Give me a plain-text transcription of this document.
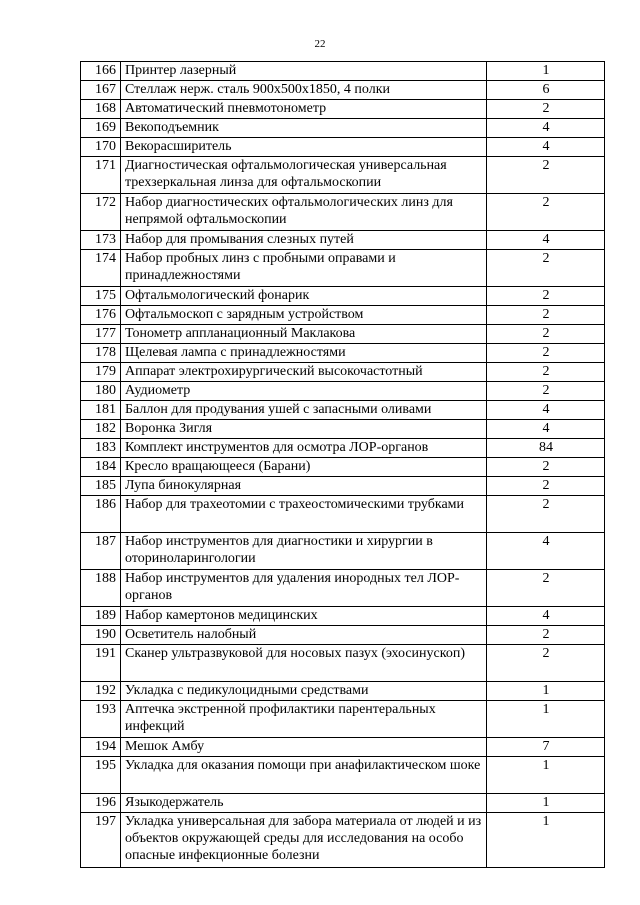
22
166	Принтер лазерный	1
167	Стеллаж нерж. сталь 900х500х1850, 4 полки	6
168	Автоматический пневмотонометр	2
169	Векоподъемник	4
170	Векорасширитель	4
171	Диагностическая офтальмологическая универсальная трехзеркальная линза для офтальмоскопии	2
172	Набор диагностических офтальмологических линз для непрямой офтальмоскопии	2
173	Набор для промывания слезных путей	4
174	Набор пробных линз с пробными оправами и принадлежностями	2
175	Офтальмологический фонарик	2
176	Офтальмоскоп с зарядным устройством	2
177	Тонометр аппланационный Маклакова	2
178	Щелевая лампа с принадлежностями	2
179	Аппарат электрохирургический высокочастотный	2
180	Аудиометр	2
181	Баллон для продувания ушей с запасными оливами	4
182	Воронка Зигля	4
183	Комплект инструментов для осмотра ЛОР-органов	84
184	Кресло вращающееся (Барани)	2
185	Лупа бинокулярная	2
186	Набор для трахеотомии с трахеостомическими трубками	2
187	Набор инструментов для диагностики и хирургии в оториноларингологии	4
188	Набор инструментов для удаления инородных тел ЛОР-органов	2
189	Набор камертонов медицинских	4
190	Осветитель налобный	2
191	Сканер ультразвуковой для носовых пазух (эхосинускоп)	2
192	Укладка с педикулоцидными средствами	1
193	Аптечка экстренной профилактики парентеральных инфекций	1
194	Мешок Амбу	7
195	Укладка для оказания помощи при анафилактическом шоке	1
196	Языкодержатель	1
197	Укладка универсальная для забора материала от людей и из объектов окружающей среды для исследования на особо опасные инфекционные болезни	1
